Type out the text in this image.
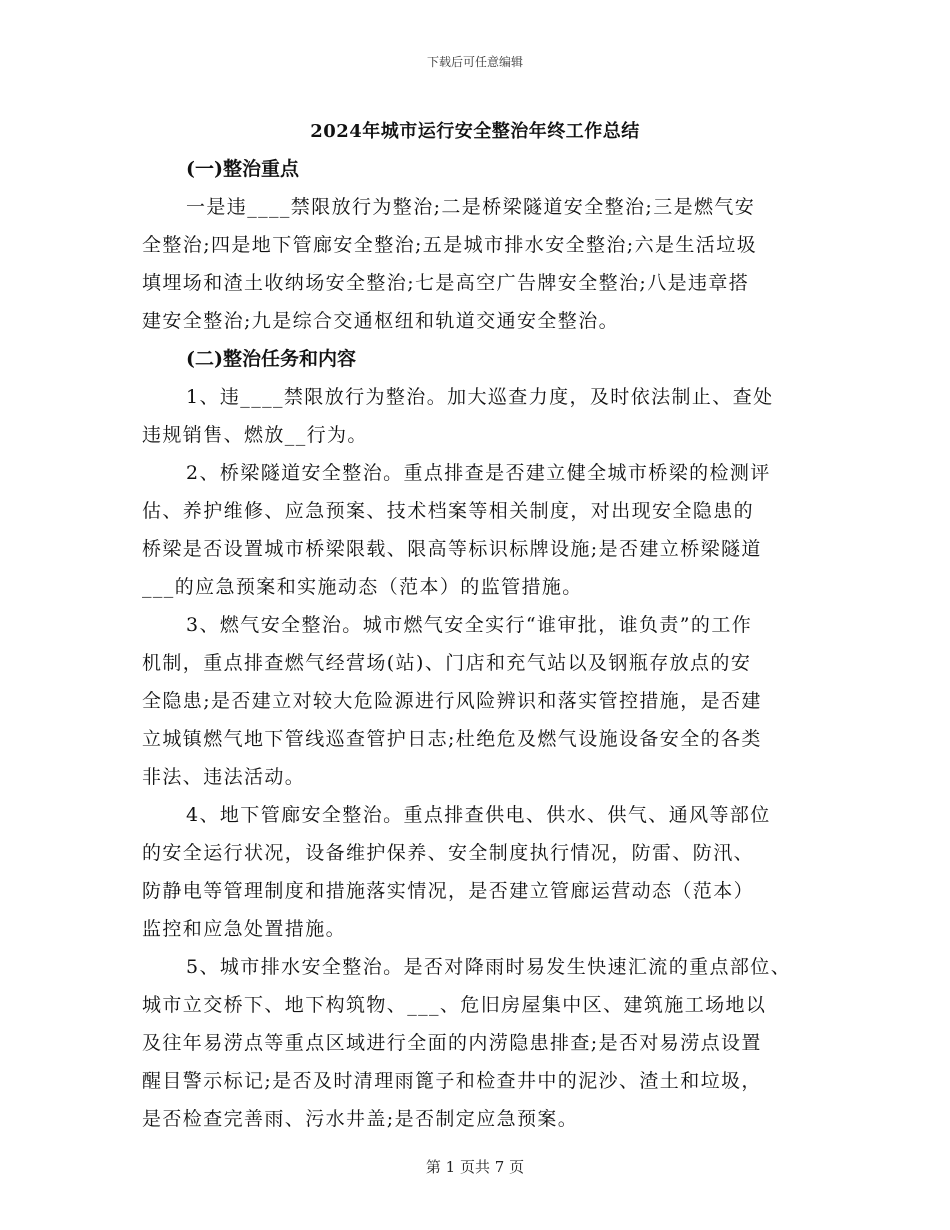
下载后可任意编辑
2024年城市运行安全整治年终工作总结
(一)整治重点
一是违____禁限放行为整治;二是桥梁隧道安全整治;三是燃气安
全整治;四是地下管廊安全整治;五是城市排水安全整治;六是生活垃圾
填埋场和渣土收纳场安全整治;七是高空广告牌安全整治;八是违章搭
建安全整治;九是综合交通枢纽和轨道交通安全整治。
(二)整治任务和内容
1、违____禁限放行为整治。加大巡查力度，及时依法制止、查处
违规销售、燃放__行为。
2、桥梁隧道安全整治。重点排查是否建立健全城市桥梁的检测评
估、养护维修、应急预案、技术档案等相关制度，对出现安全隐患的
桥梁是否设置城市桥梁限载、限高等标识标牌设施;是否建立桥梁隧道
___的应急预案和实施动态（范本）的监管措施。
3、燃气安全整治。城市燃气安全实行“谁审批，谁负责”的工作
机制，重点排查燃气经营场(站)、门店和充气站以及钢瓶存放点的安
全隐患;是否建立对较大危险源进行风险辨识和落实管控措施，是否建
立城镇燃气地下管线巡查管护日志;杜绝危及燃气设施设备安全的各类
非法、违法活动。
4、地下管廊安全整治。重点排查供电、供水、供气、通风等部位
的安全运行状况，设备维护保养、安全制度执行情况，防雷、防汛、
防静电等管理制度和措施落实情况，是否建立管廊运营动态（范本）
监控和应急处置措施。
5、城市排水安全整治。是否对降雨时易发生快速汇流的重点部位、
城市立交桥下、地下构筑物、___、危旧房屋集中区、建筑施工场地以
及往年易涝点等重点区域进行全面的内涝隐患排查;是否对易涝点设置
醒目警示标记;是否及时清理雨篦子和检查井中的泥沙、渣土和垃圾，
是否检查完善雨、污水井盖;是否制定应急预案。
第 1 页共 7 页
